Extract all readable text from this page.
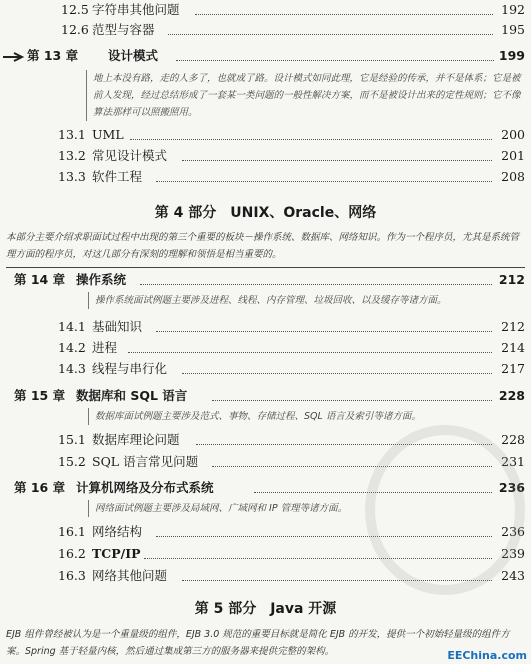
12.5 字符串其他问题	192
12.6 范型与容器	195
第 13 章 设计模式	199
地上本没有路，走的人多了，也就成了路。设计模式如同此理，它是经验的传承，并不是体系；它是被前人发现，经过总结形成了一套某一类问题的一般性解决方案，而不是被设计出来的定性规则；它不像算法那样可以照搬照用。
13.1 UML	200
13.2 常见设计模式	201
13.3 软件工程	208
第 4 部分　UNIX、Oracle、网络
本部分主要介绍求职面试过程中出现的第三个重要的板块－操作系统、数据库、网络知识。作为一个程序员，尤其是系统管理方面的程序员，对这几部分有深刻的理解和领悟是相当重要的。
第 14 章 操作系统	212
操作系统面试例题主要涉及进程、线程、内存管理、垃圾回收、以及缓存等诸方面。
14.1 基础知识	212
14.2 进程	214
14.3 线程与串行化	217
第 15 章 数据库和 SQL 语言	228
数据库面试例题主要涉及范式、事物、存储过程、SQL 语言及索引等诸方面。
15.1 数据库理论问题	228
15.2 SQL 语言常见问题	231
第 16 章 计算机网络及分布式系统	236
网络面试例题主要涉及局域网、广域网和 IP 管理等诸方面。
16.1 网络结构	236
16.2 TCP/IP	239
16.3 网络其他问题	243
第 5 部分　Java 开源
EJB 组件曾经被认为是一个重量级的组件，EJB 3.0 规范的重要目标就是简化 EJB 的开发，提供一个初始轻量级的组件方案。Spring 基于轻量内核，然后通过集成第三方的服务器来提供完整的架构。	EEChina.com
